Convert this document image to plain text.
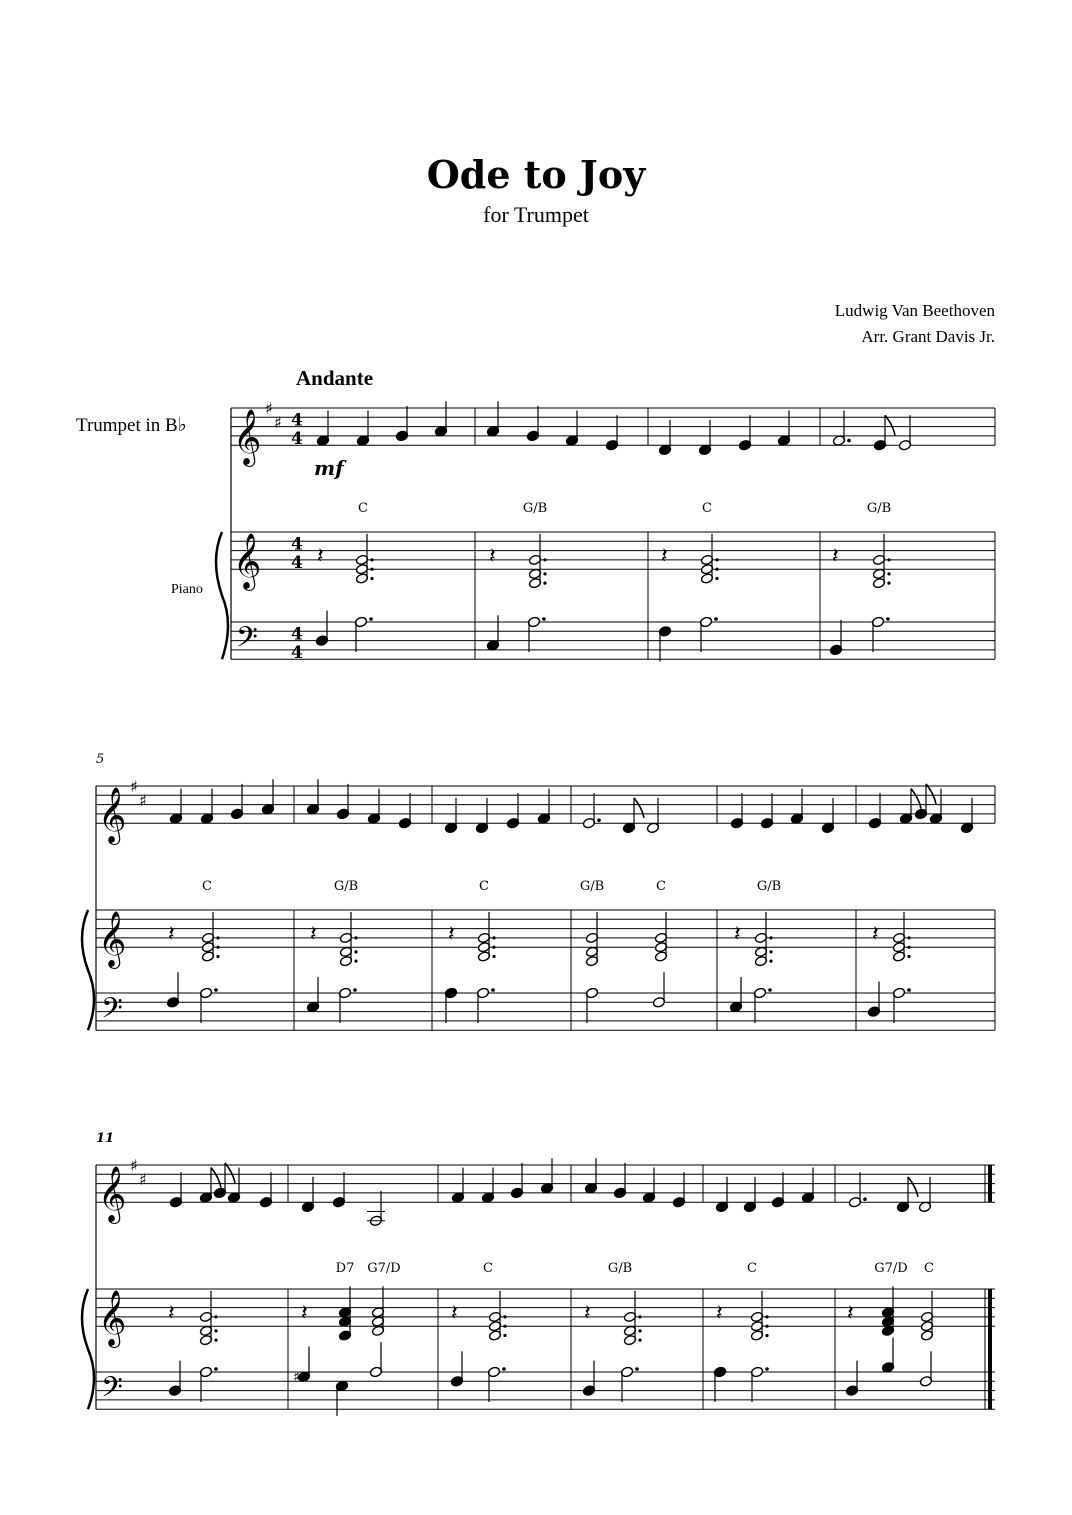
Ode to Joy
for Trumpet
Ludwig Van Beethoven
Arr. Grant Davis Jr.
Andante
Trumpet in B♭
Piano
𝄞
𝄞
𝄢
𝄞
𝄞
𝄢
𝄞
𝄞
𝄢
♯
♯
♯
♯
♯
♯
4
4
4
4
4
4
𝄽	𝄽	𝄽	𝄽
𝄽	𝄽	𝄽	𝄽	𝄽
𝄽	𝄽	𝄽	𝄽	𝄽	𝄽
♯
C	G/B	C	G/B
C	G/B	C	G/B	C	G/B
D7 G7/D	C	G/B	C	G7/D C
mf
5
11
